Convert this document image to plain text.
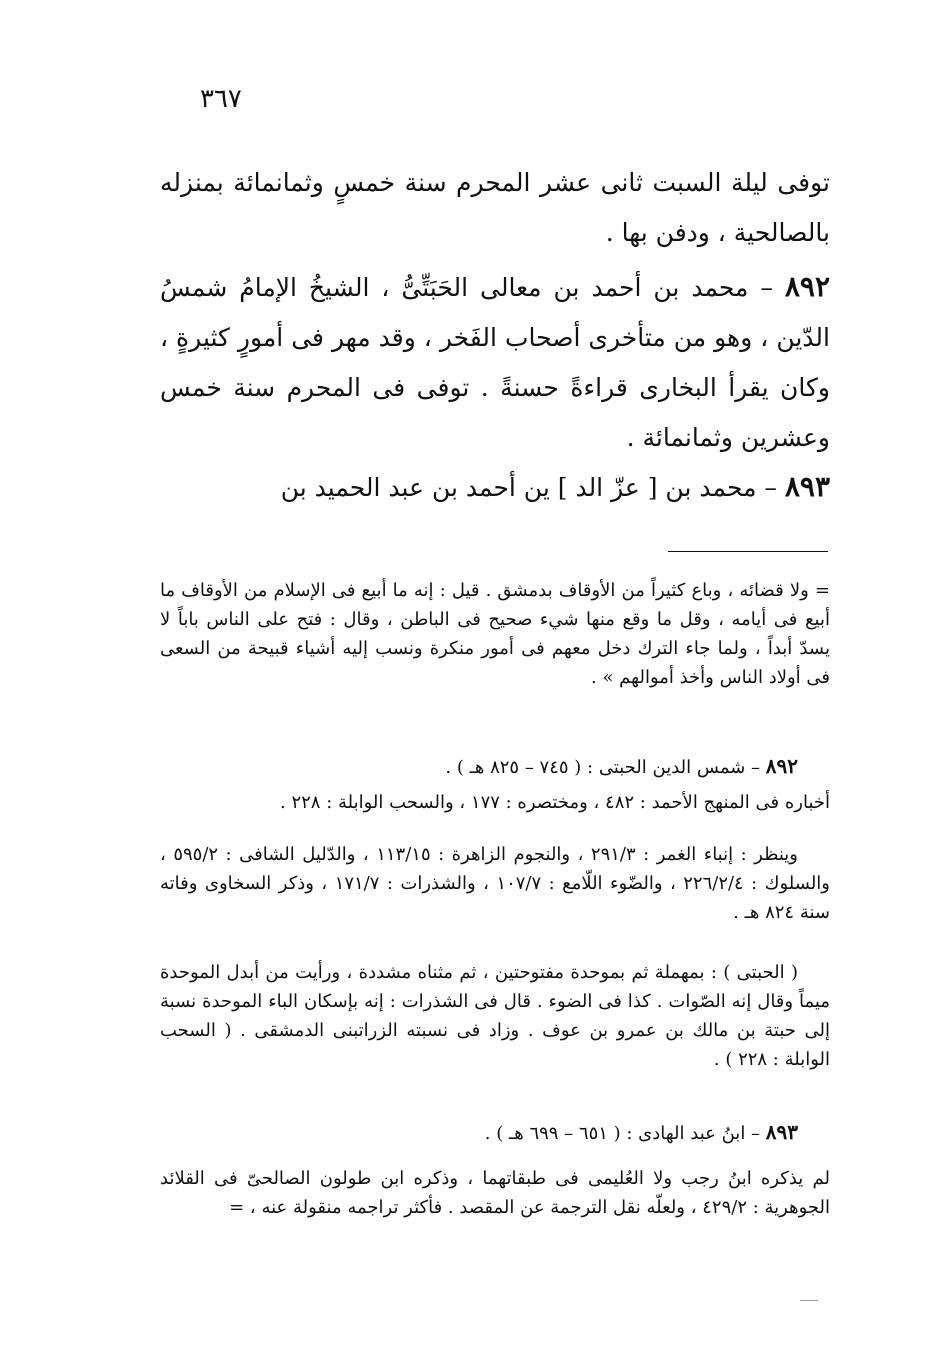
٣٦٧

توفى ليلة السبت ثانى عشر المحرم سنة خمسٍ وثمانمائة بمنزله بالصالحية ، ودفن بها .

٨٩٢ – محمد بن أحمد بن معالى الحَبَتِّىُّ ، الشيخُ الإمامُ شمسُ الدّين ، وهو من متأخرى أصحاب الفَخر ، وقد مهر فى أمورٍ كثيرةٍ ، وكان يقرأ البخارى قراءةً حسنةً . توفى فى المحرم سنة خمس وعشرين وثمانمائة .

٨٩٣ – محمد بن [ عزّ الد ] ين أحمد بن عبد الحميد بن

= ولا قضائه ، وباع كثيراً من الأوقاف بدمشق . قيل : إنه ما أبيع فى الإسلام من الأوقاف ما أبيع فى أيامه ، وقل ما وقع منها شيء صحيح فى الباطن ، وقال : فتح على الناس باباً لا يسدّ أبداً ، ولما جاء الترك دخل معهم فى أمور منكرة ونسب إليه أشياء قبيحة من السعى فى أولاد الناس وأخذ أموالهم » .

٨٩٢ – شمس الدين الحبتى : ( ٧٤٥ – ٨٢٥ هـ ) .

أخباره فى المنهج الأحمد : ٤٨٢ ، ومختصره : ١٧٧ ، والسحب الوابلة : ٢٢٨ .

وينظر : إنباء الغمر : ٢٩١/٣ ، والنجوم الزاهرة : ١١٣/١٥ ، والدّليل الشافى : ٥٩٥/٢ ، والسلوك : ٢٢٦/٢/٤ ، والضّوء اللّامع : ١٠٧/٧ ، والشذرات : ١٧١/٧ ، وذكر السخاوى وفاته سنة ٨٢٤ هـ .

( الحبتى ) : بمهملة ثم بموحدة مفتوحتين ، ثم مثناه مشددة ، ورأيت من أبدل الموحدة ميماً وقال إنه الصّوات . كذا فى الضوء . قال فى الشذرات : إنه بإسكان الباء الموحدة نسبة إلى حبتة بن مالك بن عمرو بن عوف . وزاد فى نسبته الزراتبنى الدمشقى . ( السحب الوابلة : ٢٢٨ ) .

٨٩٣ – ابنُ عبد الهادى : ( ٦٥١ – ٦٩٩ هـ ) .

لم يذكره ابنُ رجب ولا العُليمى فى طبقاتهما ، وذكره ابن طولون الصالحىّ فى القلائد الجوهرية : ٤٢٩/٢ ، ولعلّه نقل الترجمة عن المقصد . فأكثر تراجمه منقولة عنه ، =
